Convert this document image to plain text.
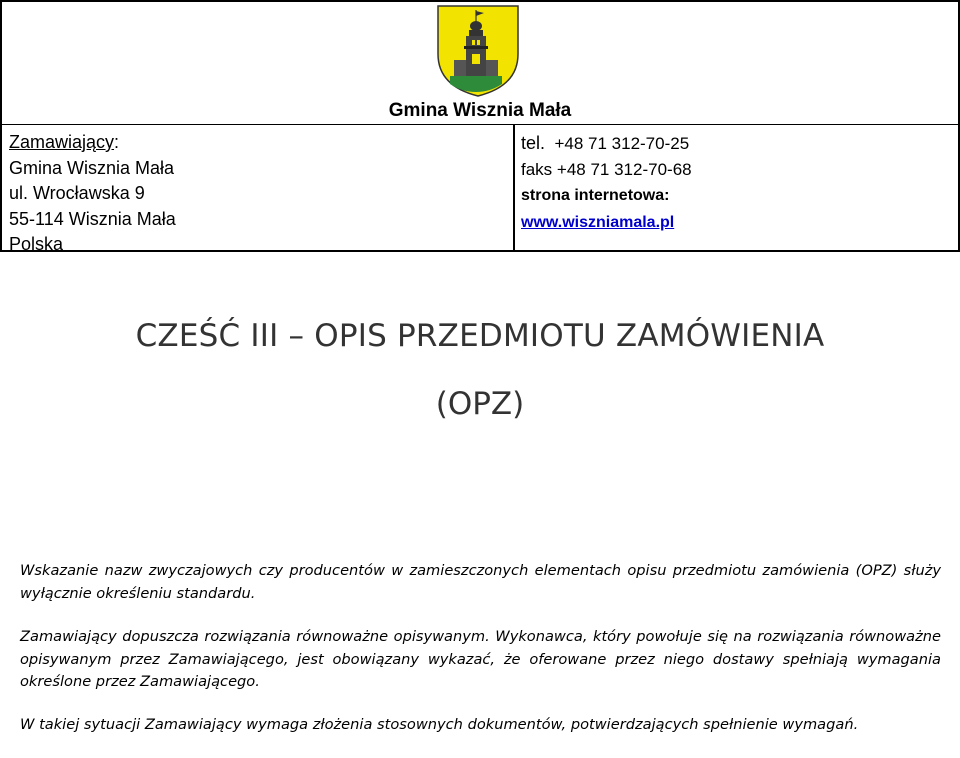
Gmina Wisznia Mała
Zamawiający:
Gmina Wisznia Mała
ul. Wrocławska 9
55-114 Wisznia Mała
Polska
tel. +48 71 312-70-25
faks +48 71 312-70-68
strona internetowa:
www.wiszniamala.pl
CZEŚĆ III – OPIS PRZEDMIOTU ZAMÓWIENIA
(OPZ)

Wskazanie nazw zwyczajowych czy producentów w zamieszczonych elementach opisu przedmiotu zamówienia (OPZ) służy wyłącznie określeniu standardu.

Zamawiający dopuszcza rozwiązania równoważne opisywanym. Wykonawca, który powołuje się na rozwiązania równoważne opisywanym przez Zamawiającego, jest obowiązany wykazać, że oferowane przez niego dostawy spełniają wymagania określone przez Zamawiającego.

W takiej sytuacji Zamawiający wymaga złożenia stosownych dokumentów, potwierdzających spełnienie wymagań.
